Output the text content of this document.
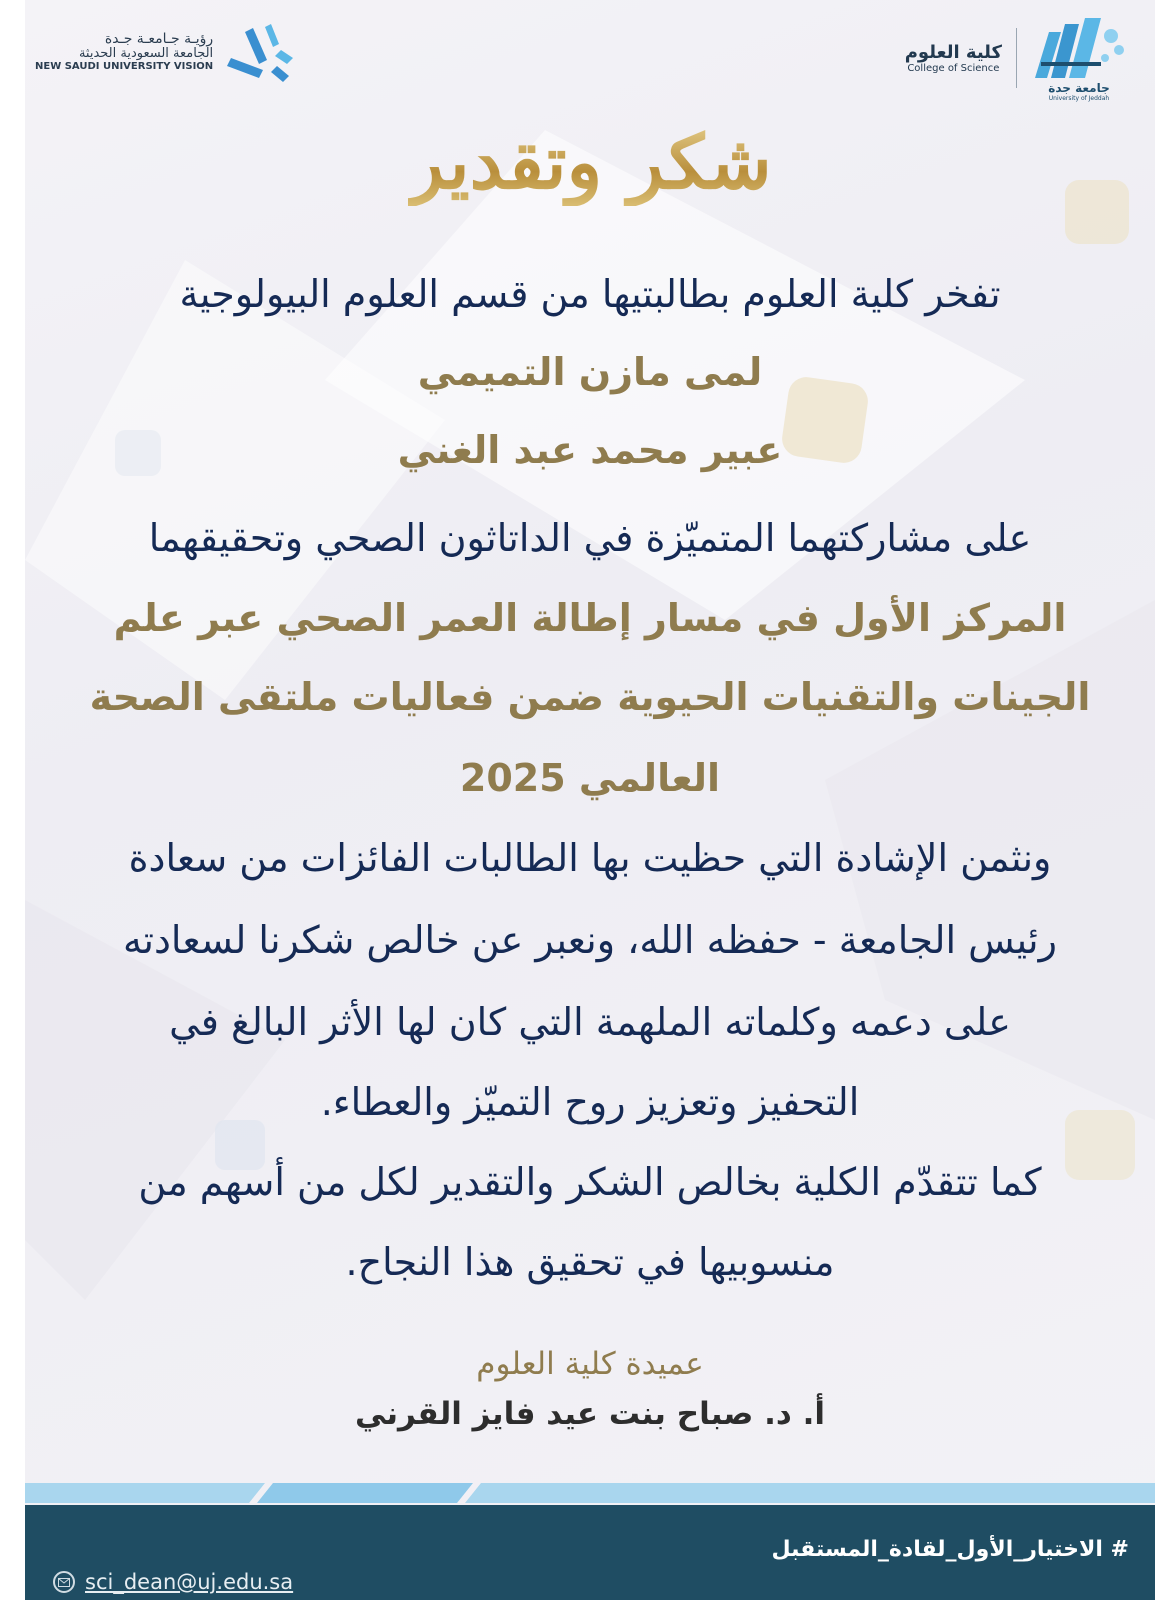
جامعة جدة
University of Jeddah
كلية العلوم
College of Science
رؤيـة جـامعـة جـدة
الجامعة السعودية الحديثة
NEW SAUDI UNIVERSITY VISION
شكر وتقدير
تفخر كلية العلوم بطالبتيها من قسم العلوم البيولوجية
لمى مازن التميمي
عبير محمد عبد الغني
على مشاركتهما المتميّزة في الداتاثون الصحي وتحقيقهما
المركز الأول في مسار إطالة العمر الصحي عبر علم
الجينات والتقنيات الحيوية ضمن فعاليات ملتقى الصحة
العالمي 2025
ونثمن الإشادة التي حظيت بها الطالبات الفائزات من سعادة
رئيس الجامعة - حفظه الله، ونعبر عن خالص شكرنا لسعادته
على دعمه وكلماته الملهمة التي كان لها الأثر البالغ في
التحفيز وتعزيز روح التميّز والعطاء.
كما تتقدّم الكلية بخالص الشكر والتقدير لكل من أسهم من
منسوبيها في تحقيق هذا النجاح.
عميدة كلية العلوم
أ. د. صباح بنت عيد فايز القرني
# الاختيار_الأول_لقادة_المستقبل
sci_dean@uj.edu.sa
